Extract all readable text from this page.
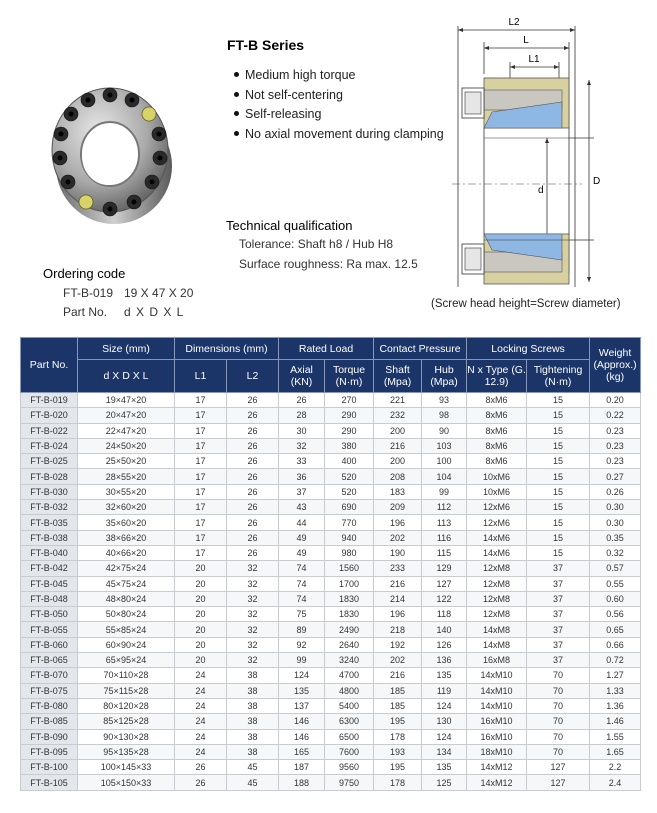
FT-B Series
Medium high torque
Not self-centering
Self-releasing
No axial movement during clamping
Technical qualification
Tolerance: Shaft h8 / Hub H8
Surface roughness: Ra max. 12.5
Ordering code
FT-B-019 19 X 47 X 20
Part No. d X D X L
L2
L
L1
d
D
(Screw head height=Screw diameter)
Part No.	Size (mm)	Dimensions (mm)		Rated Load		Contact Pressure		Locking Screws		Weight (Approx.) (kg)
	d X D X L	L1	L2	Axial (KN)	Torque (N·m)	Shaft (Mpa)	Hub (Mpa)	N x Type (G. 12.9)	Tightening (N·m)	
FT-B-019	19×47×20	17	26	26	270	221	93	8xM6	15	0.20
FT-B-020	20×47×20	17	26	28	290	232	98	8xM6	15	0.22
FT-B-022	22×47×20	17	26	30	290	200	90	8xM6	15	0.23
FT-B-024	24×50×20	17	26	32	380	216	103	8xM6	15	0.23
FT-B-025	25×50×20	17	26	33	400	200	100	8xM6	15	0.23
FT-B-028	28×55×20	17	26	36	520	208	104	10xM6	15	0.27
FT-B-030	30×55×20	17	26	37	520	183	99	10xM6	15	0.26
FT-B-032	32×60×20	17	26	43	690	209	112	12xM6	15	0.30
FT-B-035	35×60×20	17	26	44	770	196	113	12xM6	15	0.30
FT-B-038	38×66×20	17	26	49	940	202	116	14xM6	15	0.35
FT-B-040	40×66×20	17	26	49	980	190	115	14xM6	15	0.32
FT-B-042	42×75×24	20	32	74	1560	233	129	12xM8	37	0.57
FT-B-045	45×75×24	20	32	74	1700	216	127	12xM8	37	0.55
FT-B-048	48×80×24	20	32	74	1830	214	122	12xM8	37	0.60
FT-B-050	50×80×24	20	32	75	1830	196	118	12xM8	37	0.56
FT-B-055	55×85×24	20	32	89	2490	218	140	14xM8	37	0.65
FT-B-060	60×90×24	20	32	92	2640	192	126	14xM8	37	0.66
FT-B-065	65×95×24	20	32	99	3240	202	136	16xM8	37	0.72
FT-B-070	70×110×28	24	38	124	4700	216	135	14xM10	70	1.27
FT-B-075	75×115×28	24	38	135	4800	185	119	14xM10	70	1.33
FT-B-080	80×120×28	24	38	137	5400	185	124	14xM10	70	1.36
FT-B-085	85×125×28	24	38	146	6300	195	130	16xM10	70	1.46
FT-B-090	90×130×28	24	38	146	6500	178	124	16xM10	70	1.55
FT-B-095	95×135×28	24	38	165	7600	193	134	18xM10	70	1.65
FT-B-100	100×145×33	26	45	187	9560	195	135	14xM12	127	2.2
FT-B-105	105×150×33	26	45	188	9750	178	125	14xM12	127	2.4
